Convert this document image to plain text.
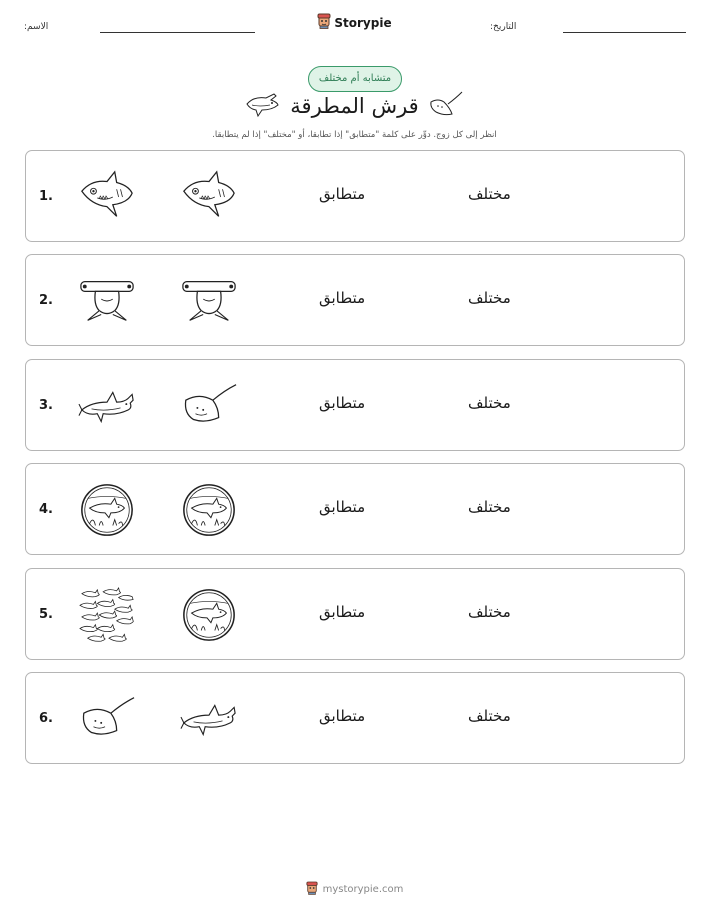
التاريخ:
Storypie
الاسم:
متشابه أم مختلف
قرش المطرقة
انظر إلى كل زوج. دوِّر على كلمة "متطابق" إذا تطابقا، أو "مختلف" إذا لم يتطابقا.
1.	متطابق	مختلف
2.	متطابق	مختلف
3.	متطابق	مختلف
4.	متطابق	مختلف
5.	متطابق	مختلف
6.	متطابق	مختلف
mystorypie.com
